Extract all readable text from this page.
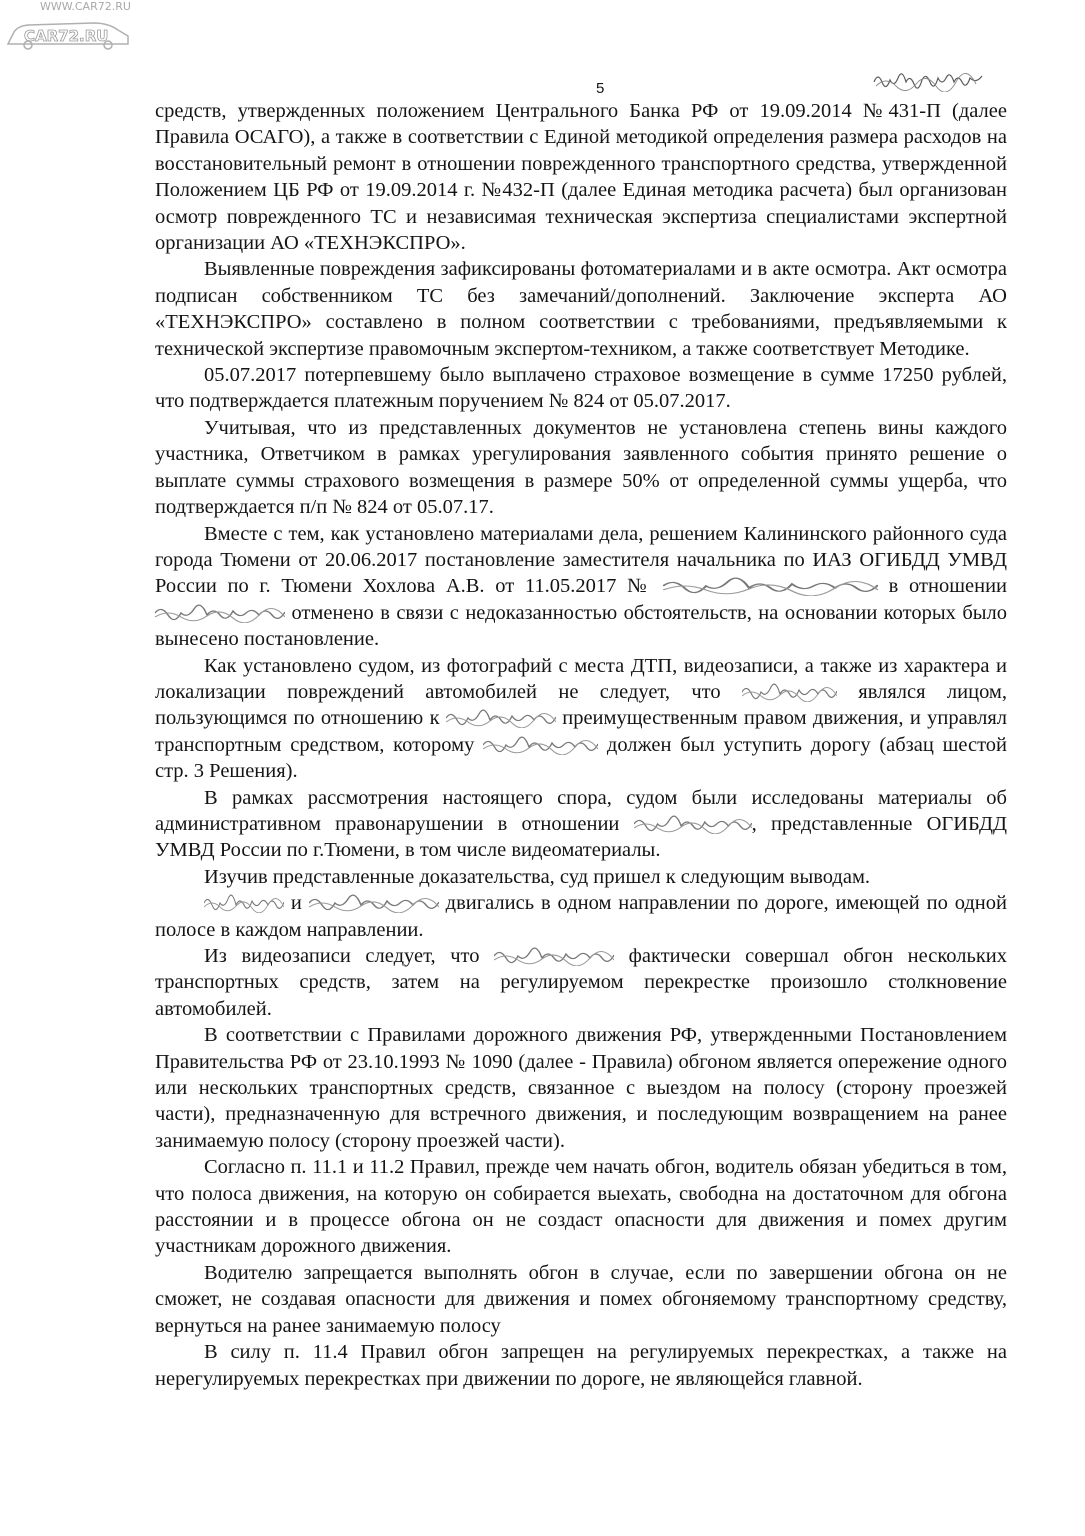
WWW.CAR72.RU
CAR72.RU
5

средств, утвержденных положением Центрального Банка РФ от 19.09.2014 №431-П (далее Правила ОСАГО), а также в соответствии с Единой методикой определения размера расходов на восстановительный ремонт в отношении поврежденного транспортного средства, утвержденной Положением ЦБ РФ от 19.09.2014 г. №432-П (далее Единая методика расчета) был организован осмотр поврежденного ТС и независимая техническая экспертиза специалистами экспертной организации АО «ТЕХНЭКСПРО».

Выявленные повреждения зафиксированы фотоматериалами и в акте осмотра. Акт осмотра подписан собственником ТС без замечаний/дополнений. Заключение эксперта АО «ТЕХНЭКСПРО» составлено в полном соответствии с требованиями, предъявляемыми к технической экспертизе правомочным экспертом-техником, а также соответствует Методике.

05.07.2017 потерпевшему было выплачено страховое возмещение в сумме 17250 рублей, что подтверждается платежным поручением № 824 от 05.07.2017.

Учитывая, что из представленных документов не установлена степень вины каждого участника, Ответчиком в рамках урегулирования заявленного события принято решение о выплате суммы страхового возмещения в размере 50% от определенной суммы ущерба, что подтверждается п/п № 824 от 05.07.17.

Вместе с тем, как установлено материалами дела, решением Калининского районного суда города Тюмени от 20.06.2017 постановление заместителя начальника по ИАЗ ОГИБДД УМВД России по г. Тюмени Хохлова А.В. от 11.05.2017 №	в отношении
отменено в связи с недоказанностью обстоятельств, на основании которых было вынесено постановление.

Как установлено судом, из фотографий с места ДТП, видеозаписи, а также из характера и локализации повреждений автомобилей не следует, что	являлся лицом, пользующимся по отношению к	преимущественным правом движения, и управлял транспортным средством, которому	должен был уступить дорогу (абзац шестой стр. 3 Решения).

В рамках рассмотрения настоящего спора, судом были исследованы материалы об административном правонарушении в отношении	, представленные ОГИБДД УМВД России по г.Тюмени, в том числе видеоматериалы.

Изучив представленные доказательства, суд пришел к следующим выводам.

и	двигались в одном направлении по дороге, имеющей по одной полосе в каждом направлении.

Из видеозаписи следует, что	фактически совершал обгон нескольких транспортных средств, затем на регулируемом перекрестке произошло столкновение автомобилей.

В соответствии с Правилами дорожного движения РФ, утвержденными Постановлением Правительства РФ от 23.10.1993 № 1090 (далее - Правила) обгоном является опережение одного или нескольких транспортных средств, связанное с выездом на полосу (сторону проезжей части), предназначенную для встречного движения, и последующим возвращением на ранее занимаемую полосу (сторону проезжей части).

Согласно п. 11.1 и 11.2 Правил, прежде чем начать обгон, водитель обязан убедиться в том, что полоса движения, на которую он собирается выехать, свободна на достаточном для обгона расстоянии и в процессе обгона он не создаст опасности для движения и помех другим участникам дорожного движения.

Водителю запрещается выполнять обгон в случае, если по завершении обгона он не сможет, не создавая опасности для движения и помех обгоняемому транспортному средству, вернуться на ранее занимаемую полосу

В силу п. 11.4 Правил обгон запрещен на регулируемых перекрестках, а также на нерегулируемых перекрестках при движении по дороге, не являющейся главной.
